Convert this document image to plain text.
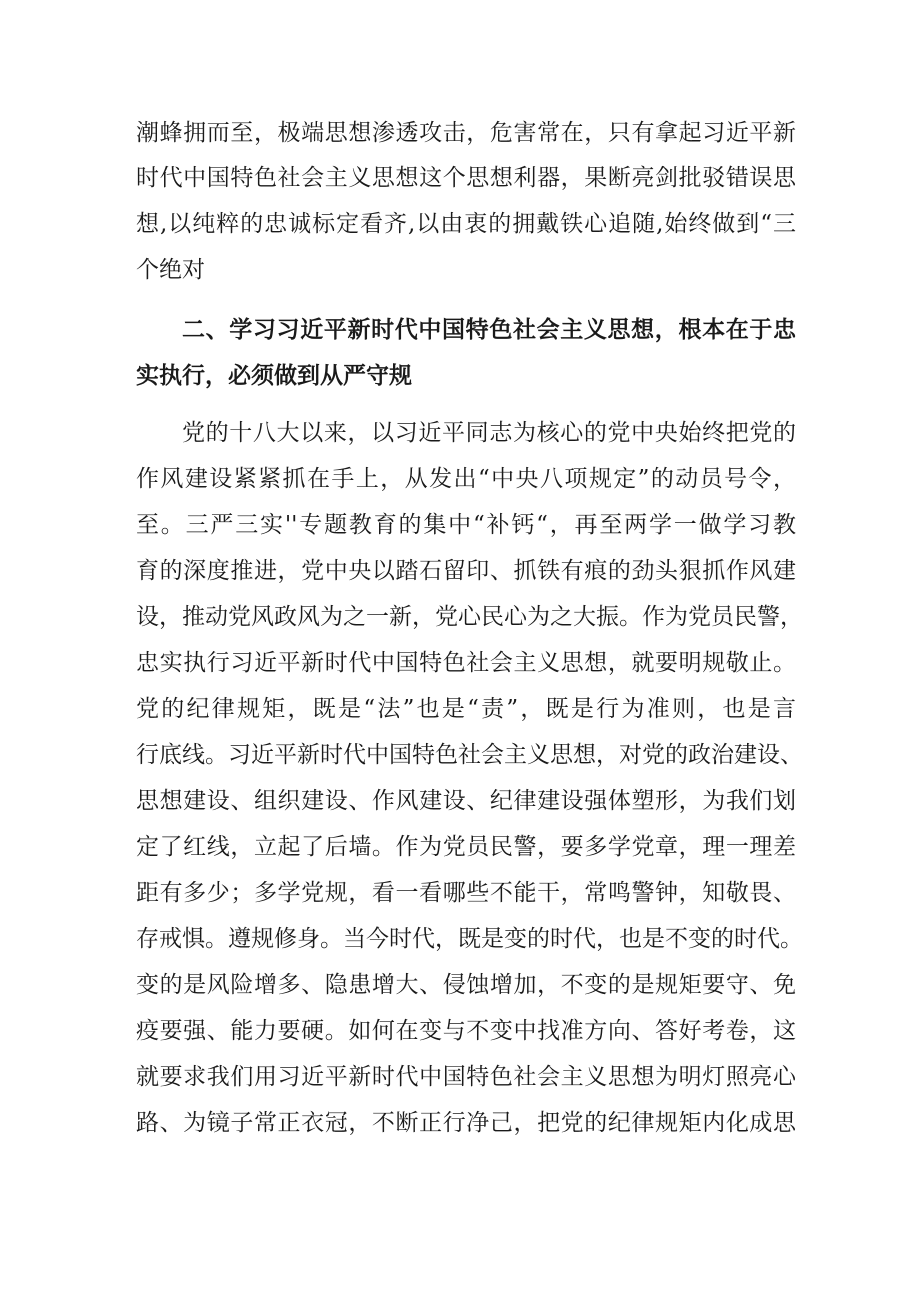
潮蜂拥而至，极端思想渗透攻击，危害常在，只有拿起习近平新
时代中国特色社会主义思想这个思想利器，果断亮剑批驳错误思
想,以纯粹的忠诚标定看齐,以由衷的拥戴铁心追随,始终做到“三
个绝对
二、学习习近平新时代中国特色社会主义思想，根本在于忠
实执行，必须做到从严守规
党的十八大以来，以习近平同志为核心的党中央始终把党的
作风建设紧紧抓在手上，从发出“中央八项规定”的动员号令，
至。三严三实''专题教育的集中“补钙“，再至两学一做学习教
育的深度推进，党中央以踏石留印、抓铁有痕的劲头狠抓作风建
设，推动党风政风为之一新，党心民心为之大振。作为党员民警，
忠实执行习近平新时代中国特色社会主义思想，就要明规敬止。
党的纪律规矩，既是“法”也是“责”，既是行为准则，也是言
行底线。习近平新时代中国特色社会主义思想，对党的政治建设、
思想建设、组织建设、作风建设、纪律建设强体塑形，为我们划
定了红线，立起了后墙。作为党员民警，要多学党章，理一理差
距有多少；多学党规，看一看哪些不能干，常鸣警钟，知敬畏、
存戒惧。遵规修身。当今时代，既是变的时代，也是不变的时代。
变的是风险增多、隐患增大、侵蚀增加，不变的是规矩要守、免
疫要强、能力要硬。如何在变与不变中找准方向、答好考卷，这
就要求我们用习近平新时代中国特色社会主义思想为明灯照亮心
路、为镜子常正衣冠，不断正行净己，把党的纪律规矩内化成思
